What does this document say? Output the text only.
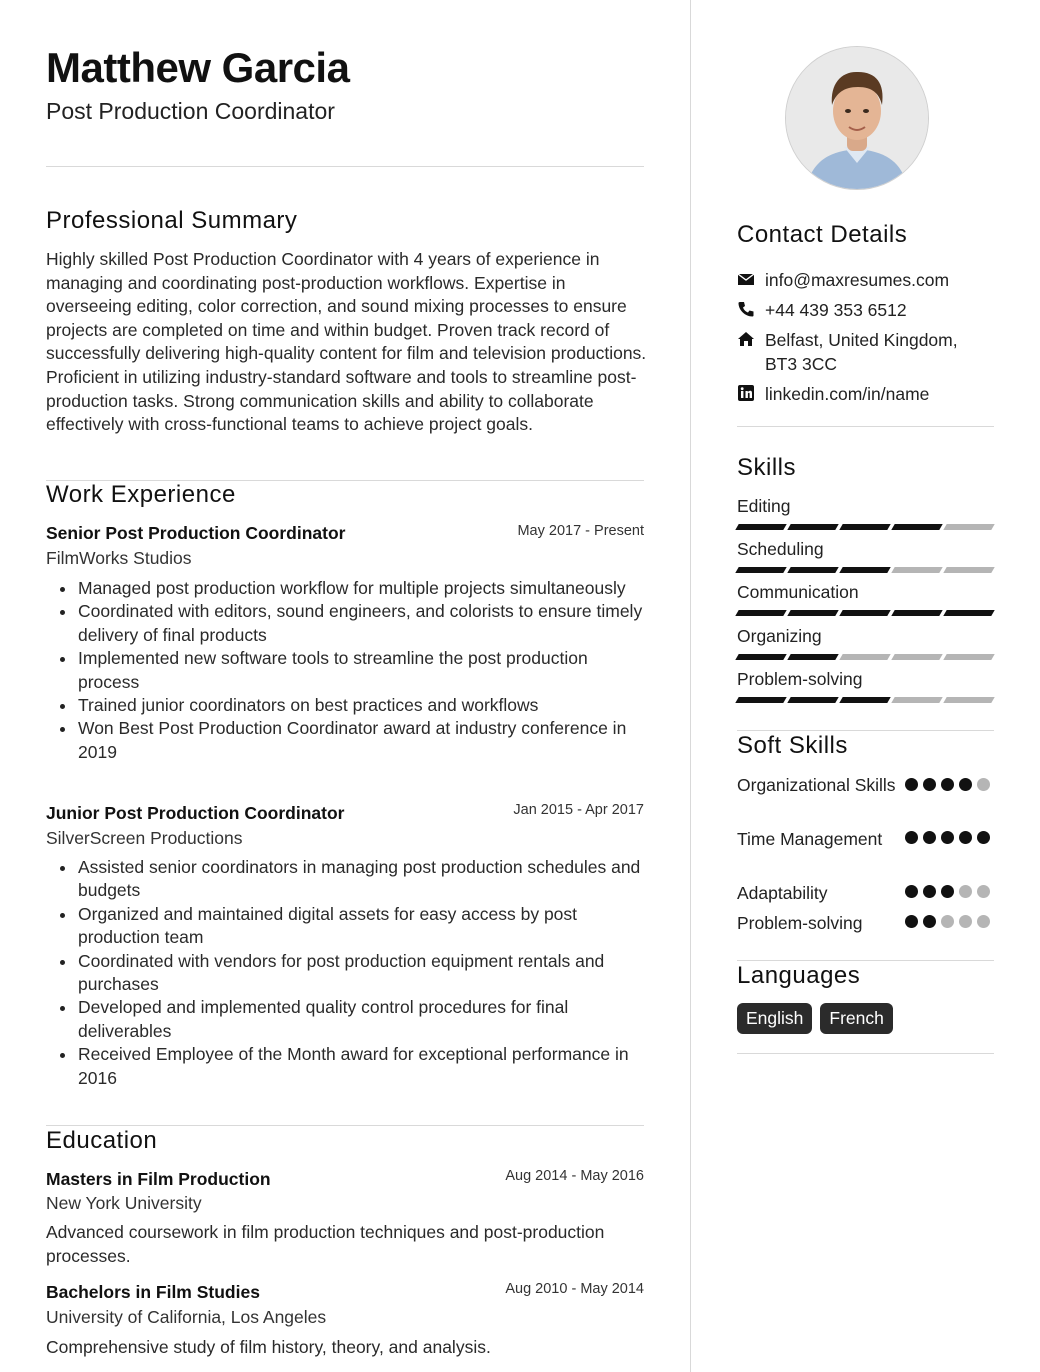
Matthew Garcia
Post Production Coordinator
Professional Summary
Highly skilled Post Production Coordinator with 4 years of experience in managing and coordinating post-production workflows. Expertise in overseeing editing, color correction, and sound mixing processes to ensure projects are completed on time and within budget. Proven track record of successfully delivering high-quality content for film and television productions. Proficient in utilizing industry-standard software and tools to streamline post-production tasks. Strong communication skills and ability to collaborate effectively with cross-functional teams to achieve project goals.
Work Experience
Senior Post Production Coordinator	May 2017 - Present
FilmWorks Studios
Managed post production workflow for multiple projects simultaneously
Coordinated with editors, sound engineers, and colorists to ensure timely delivery of final products
Implemented new software tools to streamline the post production process
Trained junior coordinators on best practices and workflows
Won Best Post Production Coordinator award at industry conference in 2019
Junior Post Production Coordinator	Jan 2015 - Apr 2017
SilverScreen Productions
Assisted senior coordinators in managing post production schedules and budgets
Organized and maintained digital assets for easy access by post production team
Coordinated with vendors for post production equipment rentals and purchases
Developed and implemented quality control procedures for final deliverables
Received Employee of the Month award for exceptional performance in 2016
Education
Masters in Film Production	Aug 2014 - May 2016
New York University
Advanced coursework in film production techniques and post-production processes.
Bachelors in Film Studies	Aug 2010 - May 2014
University of California, Los Angeles
Comprehensive study of film history, theory, and analysis.
Contact Details
info@maxresumes.com
+44 439 353 6512
Belfast, United Kingdom, BT3 3CC
linkedin.com/in/name
Skills
Editing
Scheduling
Communication
Organizing
Problem-solving
Soft Skills
Organizational Skills
Time Management
Adaptability
Problem-solving
Languages
English	French
